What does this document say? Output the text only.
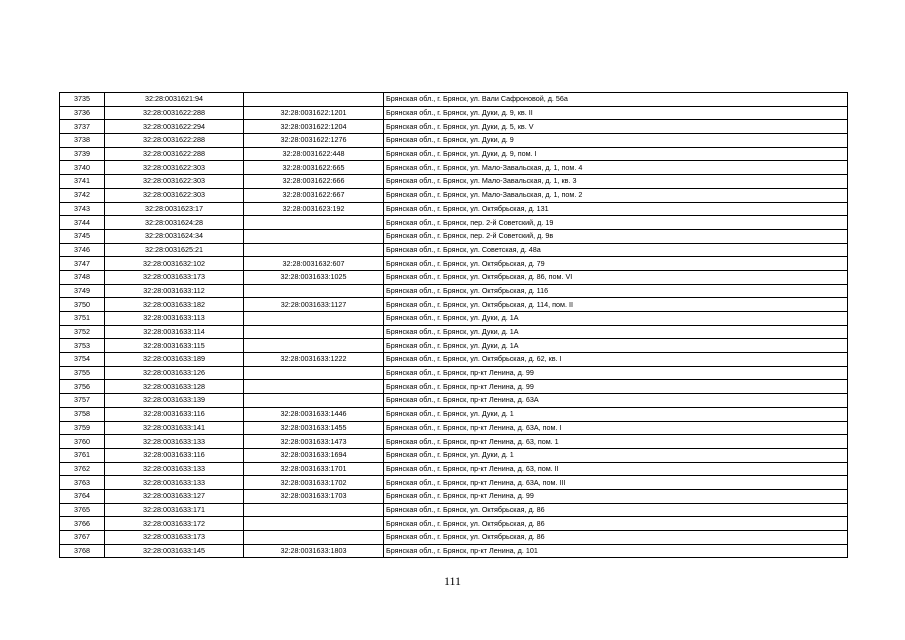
3735	32:28:0031621:94		Брянская обл., г. Брянск, ул. Вали Сафроновой, д. 56а
3736	32:28:0031622:288	32:28:0031622:1201	Брянская обл., г. Брянск, ул. Дуки, д. 9, кв. II
3737	32:28:0031622:294	32:28:0031622:1204	Брянская обл., г. Брянск, ул. Дуки, д. 5, кв. V
3738	32:28:0031622:288	32:28:0031622:1276	Брянская обл., г. Брянск, ул. Дуки, д. 9
3739	32:28:0031622:288	32:28:0031622:448	Брянская обл., г. Брянск, ул. Дуки, д. 9, пом. I
3740	32:28:0031622:303	32:28:0031622:665	Брянская обл., г. Брянск, ул. Мало-Завальская, д. 1, пом. 4
3741	32:28:0031622:303	32:28:0031622:666	Брянская обл., г. Брянск, ул. Мало-Завальская, д. 1, кв. 3
3742	32:28:0031622:303	32:28:0031622:667	Брянская обл., г. Брянск, ул. Мало-Завальская, д. 1, пом. 2
3743	32:28:0031623:17	32:28:0031623:192	Брянская обл., г. Брянск, ул. Октябрьская, д. 131
3744	32:28:0031624:28		Брянская обл., г. Брянск, пер. 2-й Советский, д. 19
3745	32:28:0031624:34		Брянская обл., г. Брянск, пер. 2-й Советский, д. 9в
3746	32:28:0031625:21		Брянская обл., г. Брянск, ул. Советская, д. 48а
3747	32:28:0031632:102	32:28:0031632:607	Брянская обл., г. Брянск, ул. Октябрьская, д. 79
3748	32:28:0031633:173	32:28:0031633:1025	Брянская обл., г. Брянск, ул. Октябрьская, д. 86, пом. VI
3749	32:28:0031633:112		Брянская обл., г. Брянск, ул. Октябрьская, д. 116
3750	32:28:0031633:182	32:28:0031633:1127	Брянская обл., г. Брянск, ул. Октябрьская, д. 114, пом. II
3751	32:28:0031633:113		Брянская обл., г. Брянск, ул. Дуки, д. 1А
3752	32:28:0031633:114		Брянская обл., г. Брянск, ул. Дуки, д. 1А
3753	32:28:0031633:115		Брянская обл., г. Брянск, ул. Дуки, д. 1А
3754	32:28:0031633:189	32:28:0031633:1222	Брянская обл., г. Брянск, ул. Октябрьская, д. 62, кв. I
3755	32:28:0031633:126		Брянская обл., г. Брянск, пр-кт Ленина, д. 99
3756	32:28:0031633:128		Брянская обл., г. Брянск, пр-кт Ленина, д. 99
3757	32:28:0031633:139		Брянская обл., г. Брянск, пр-кт Ленина, д. 63А
3758	32:28:0031633:116	32:28:0031633:1446	Брянская обл., г. Брянск, ул. Дуки, д. 1
3759	32:28:0031633:141	32:28:0031633:1455	Брянская обл., г. Брянск, пр-кт Ленина, д. 63А, пом. I
3760	32:28:0031633:133	32:28:0031633:1473	Брянская обл., г. Брянск, пр-кт Ленина, д. 63, пом. 1
3761	32:28:0031633:116	32:28:0031633:1694	Брянская обл., г. Брянск, ул. Дуки, д. 1
3762	32:28:0031633:133	32:28:0031633:1701	Брянская обл., г. Брянск, пр-кт Ленина, д. 63, пом. II
3763	32:28:0031633:133	32:28:0031633:1702	Брянская обл., г. Брянск, пр-кт Ленина, д. 63А, пом. III
3764	32:28:0031633:127	32:28:0031633:1703	Брянская обл., г. Брянск, пр-кт Ленина, д. 99
3765	32:28:0031633:171		Брянская обл., г. Брянск, ул. Октябрьская, д. 86
3766	32:28:0031633:172		Брянская обл., г. Брянск, ул. Октябрьская, д. 86
3767	32:28:0031633:173		Брянская обл., г. Брянск, ул. Октябрьская, д. 86
3768	32:28:0031633:145	32:28:0031633:1803	Брянская обл., г. Брянск, пр-кт Ленина, д. 101
111
